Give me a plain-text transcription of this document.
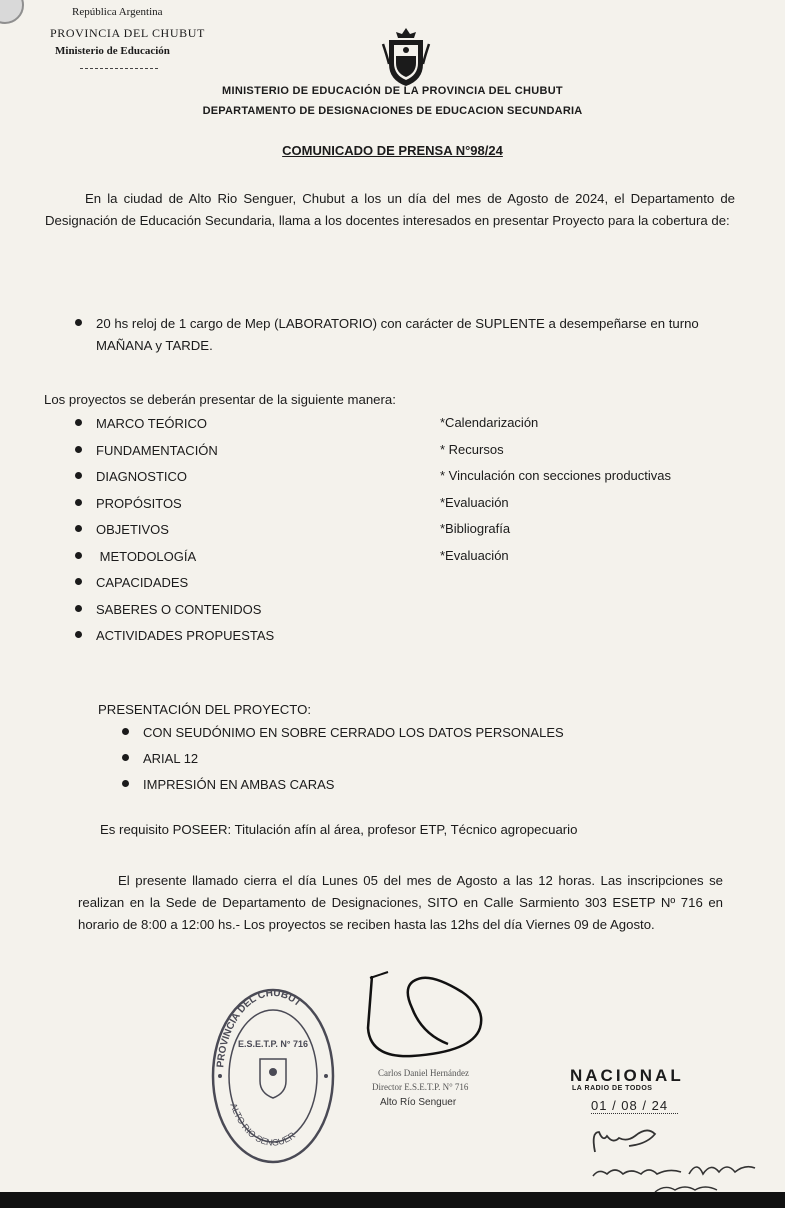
República Argentina
PROVINCIA DEL CHUBUT
Ministerio de Educación
MINISTERIO DE EDUCACIÓN DE LA PROVINCIA DEL CHUBUT
DEPARTAMENTO DE DESIGNACIONES DE EDUCACION SECUNDARIA
COMUNICADO DE PRENSA N°98/24
En la ciudad de Alto Rio Senguer, Chubut a los un día del mes de Agosto de 2024, el Departamento de Designación de Educación Secundaria, llama a los docentes interesados en presentar Proyecto para la cobertura de:
20 hs reloj de 1 cargo de Mep (LABORATORIO) con carácter de SUPLENTE a desempeñarse en turno MAÑANA y TARDE.
Los proyectos se deberán presentar de la siguiente manera:
MARCO TEÓRICO
FUNDAMENTACIÓN
DIAGNOSTICO
PROPÓSITOS
OBJETIVOS
METODOLOGÍA
CAPACIDADES
SABERES O CONTENIDOS
ACTIVIDADES PROPUESTAS
*Calendarización
* Recursos
* Vinculación con secciones productivas
*Evaluación
*Bibliografía
*Evaluación
PRESENTACIÓN DEL PROYECTO:
CON SEUDÓNIMO EN SOBRE CERRADO LOS DATOS PERSONALES
ARIAL 12
IMPRESIÓN EN AMBAS CARAS
Es requisito POSEER: Titulación afín al área, profesor ETP, Técnico agropecuario
El presente llamado cierra el día Lunes 05 del mes de Agosto a las 12 horas. Las inscripciones se realizan en la Sede de Departamento de Designaciones, SITO en Calle Sarmiento 303 ESETP Nº 716 en horario de 8:00 a 12:00 hs.- Los proyectos se reciben hasta las 12hs del día Viernes 09 de Agosto.
PROVINCIA DEL CHUBUT
ALTO RIO SENGUER
E.S.E.T.P. N° 716
Carlos Daniel Hernández
Director E.S.E.T.P. N° 716
Alto Río Senguer
NACIONAL
LA RADIO DE TODOS
01 / 08 / 24
